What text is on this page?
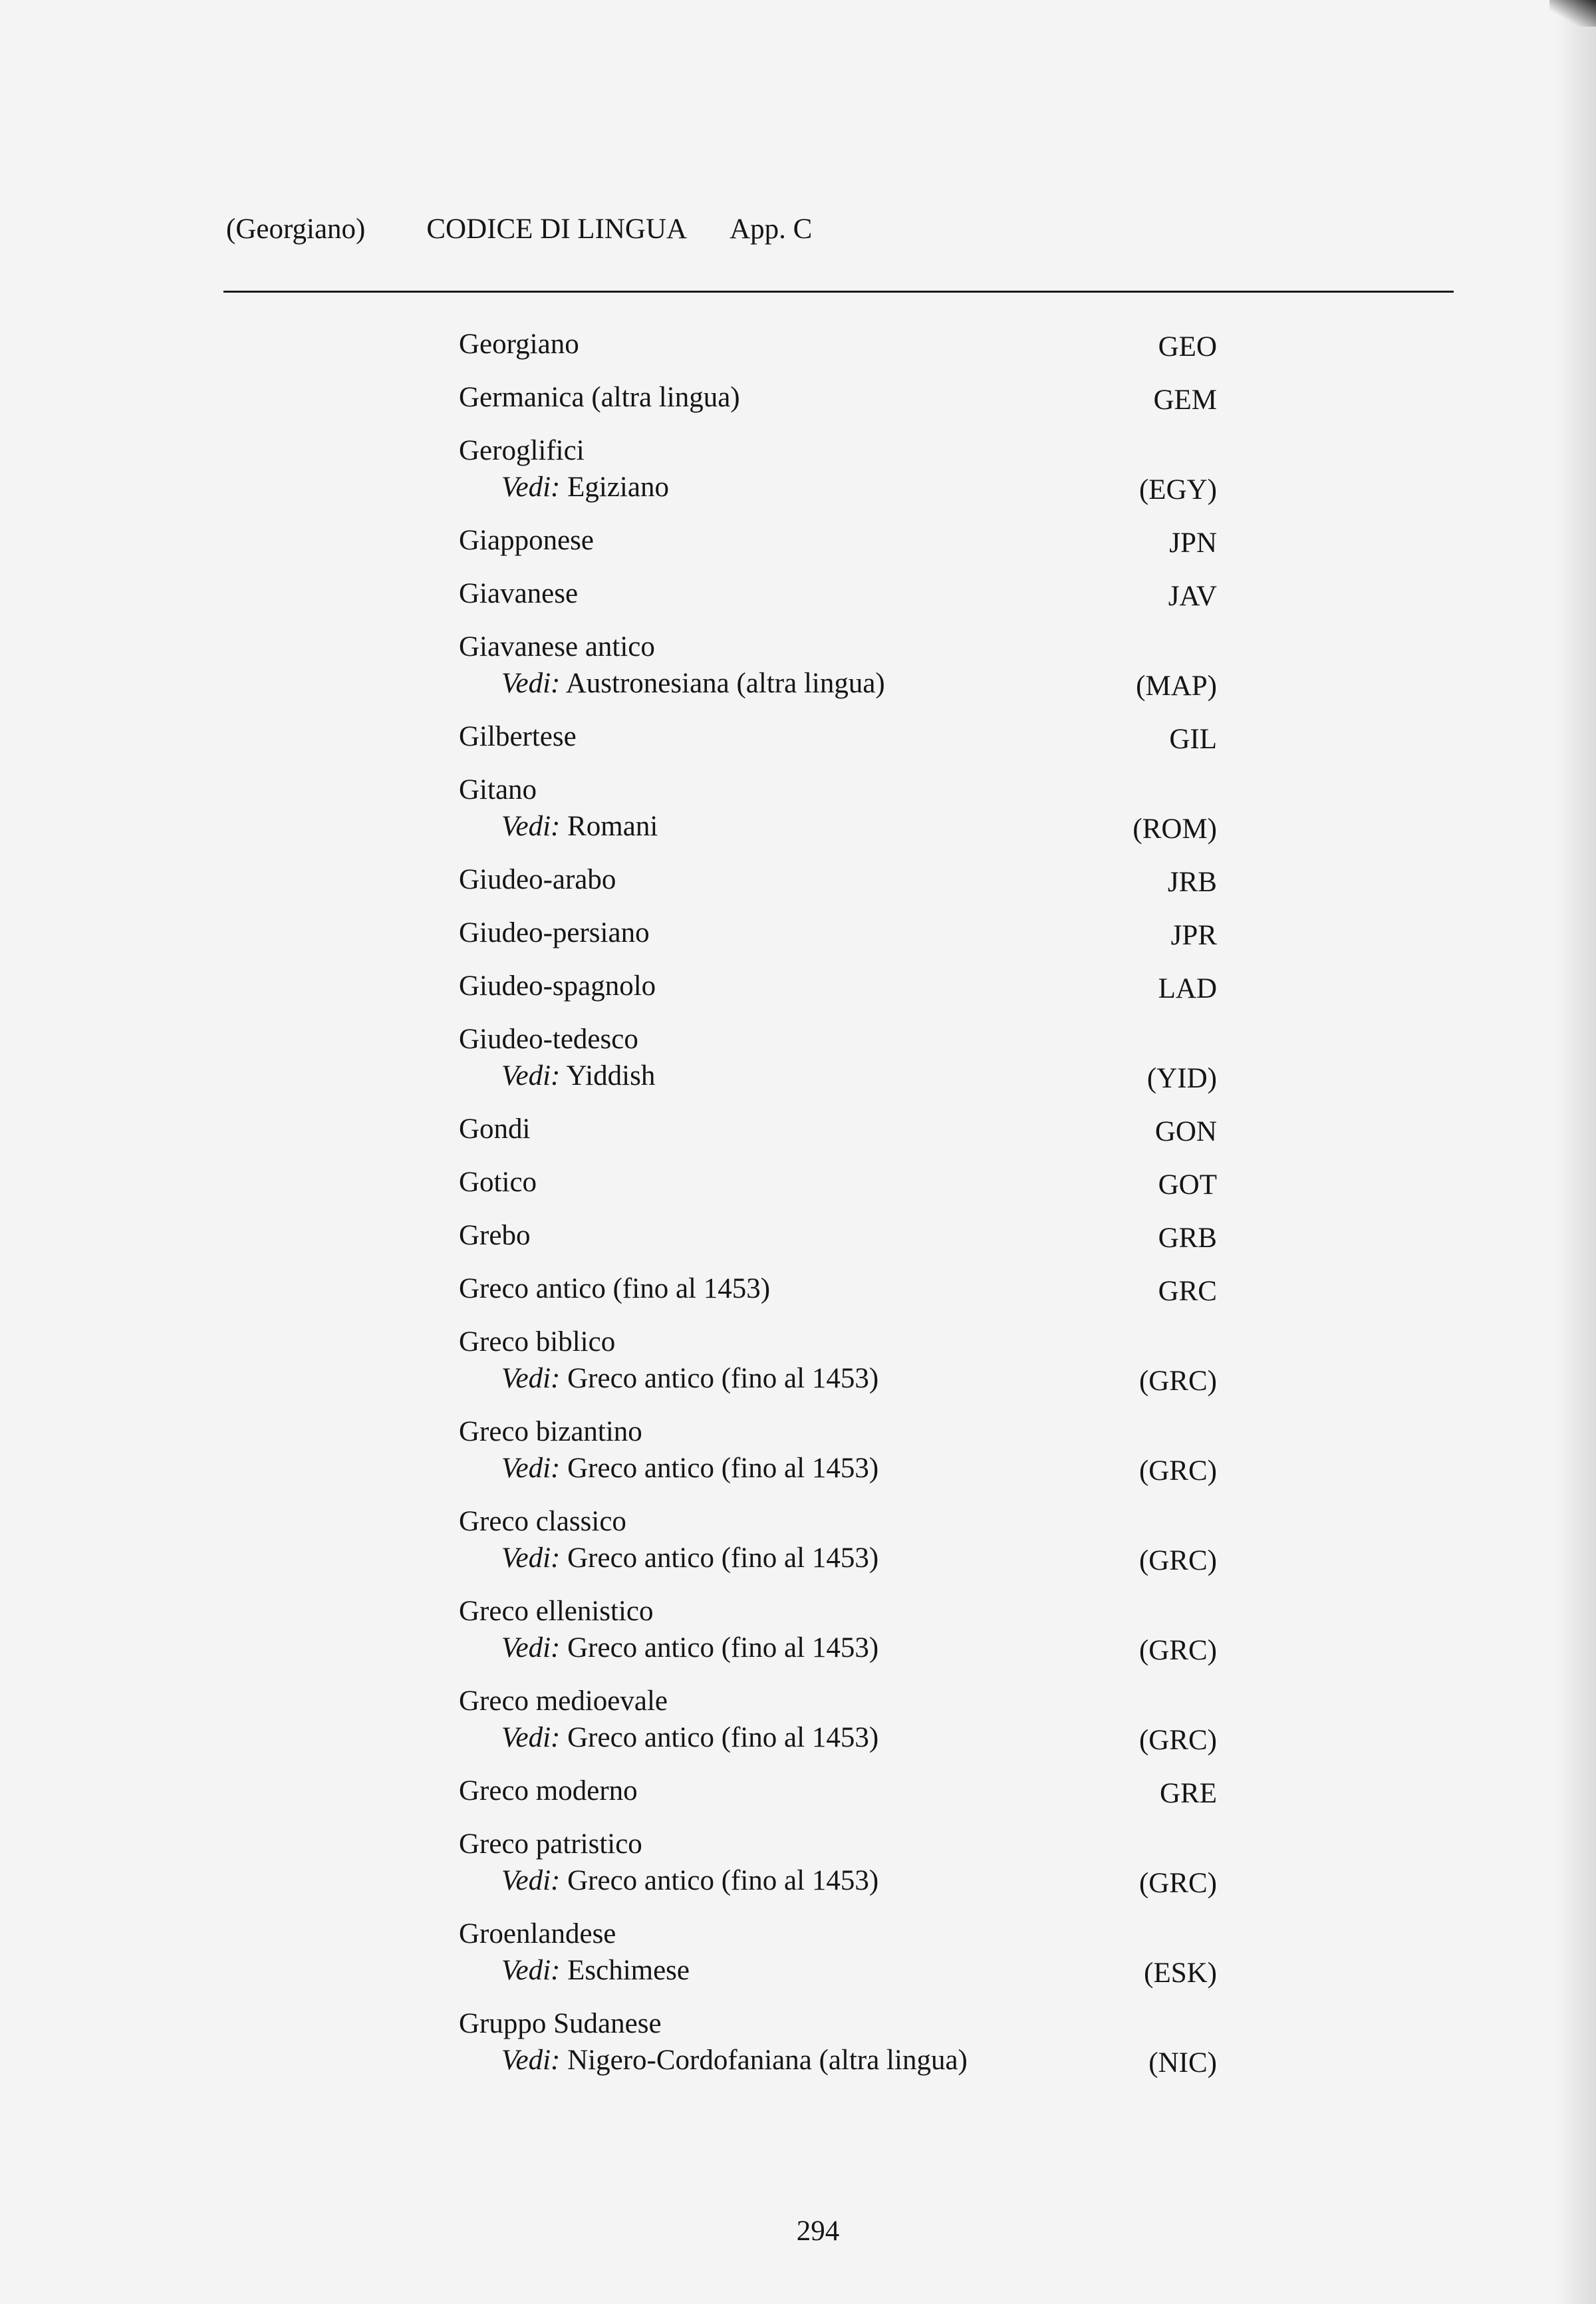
(Georgiano) CODICE DI LINGUA App. C
Georgiano	GEO
Germanica (altra lingua)	GEM
Geroglifici
Vedi: Egiziano	(EGY)
Giapponese	JPN
Giavanese	JAV
Giavanese antico
Vedi: Austronesiana (altra lingua)	(MAP)
Gilbertese	GIL
Gitano
Vedi: Romani	(ROM)
Giudeo-arabo	JRB
Giudeo-persiano	JPR
Giudeo-spagnolo	LAD
Giudeo-tedesco
Vedi: Yiddish	(YID)
Gondi	GON
Gotico	GOT
Grebo	GRB
Greco antico (fino al 1453)	GRC
Greco biblico
Vedi: Greco antico (fino al 1453)	(GRC)
Greco bizantino
Vedi: Greco antico (fino al 1453)	(GRC)
Greco classico
Vedi: Greco antico (fino al 1453)	(GRC)
Greco ellenistico
Vedi: Greco antico (fino al 1453)	(GRC)
Greco medioevale
Vedi: Greco antico (fino al 1453)	(GRC)
Greco moderno	GRE
Greco patristico
Vedi: Greco antico (fino al 1453)	(GRC)
Groenlandese
Vedi: Eschimese	(ESK)
Gruppo Sudanese
Vedi: Nigero-Cordofaniana (altra lingua)	(NIC)
294
